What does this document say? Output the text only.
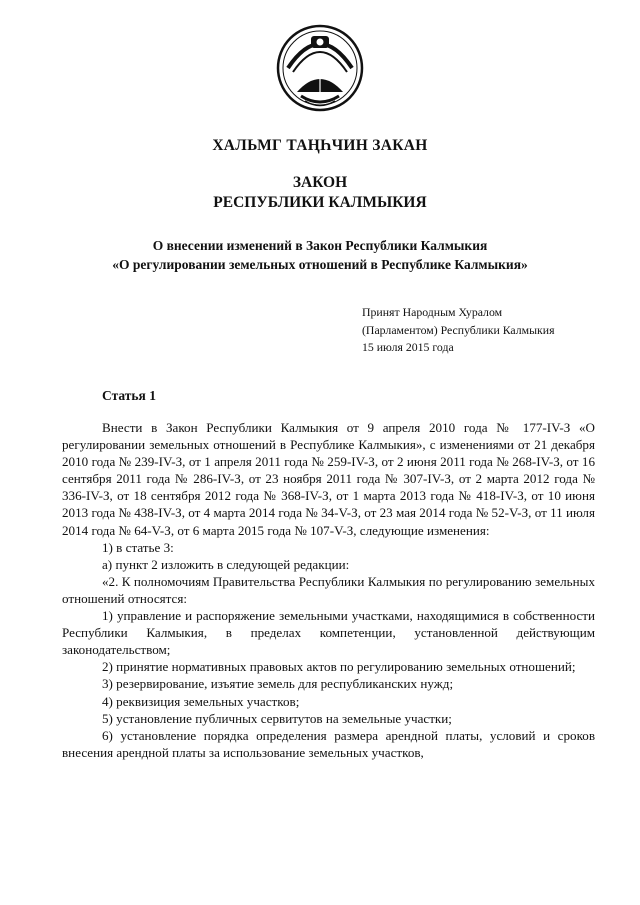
ХАЛЬМГ ТАҢҺЧИН ЗАКАН
ЗАКОН
РЕСПУБЛИКИ КАЛМЫКИЯ
О внесении изменений в Закон Республики Калмыкия
«О регулировании земельных отношений в Республике Калмыкия»
Принят Народным Хуралом
(Парламентом) Республики Калмыкия
15 июля 2015 года
Статья 1

Внести в Закон Республики Калмыкия от 9 апреля 2010 года № 177-IV-З «О регулировании земельных отношений в Республике Калмыкия», с изменениями от 21 декабря 2010 года № 239-IV-З, от 1 апреля 2011 года № 259-IV-З, от 2 июня 2011 года № 268-IV-З, от 16 сентября 2011 года № 286-IV-З, от 23 ноября 2011 года № 307-IV-З, от 2 марта 2012 года № 336-IV-З, от 18 сентября 2012 года № 368-IV-З, от 1 марта 2013 года № 418-IV-З, от 10 июня 2013 года № 438-IV-З, от 4 марта 2014 года № 34-V-З, от 23 мая 2014 года № 52-V-З, от 11 июля 2014 года № 64-V-З, от 6 марта 2015 года № 107-V-З, следующие изменения:

1) в статье 3:

а) пункт 2 изложить в следующей редакции:

«2. К полномочиям Правительства Республики Калмыкия по регулированию земельных отношений относятся:

1) управление и распоряжение земельными участками, находящимися в собственности Республики Калмыкия, в пределах компетенции, установленной действующим законодательством;

2) принятие нормативных правовых актов по регулированию земельных отношений;

3) резервирование, изъятие земель для республиканских нужд;

4) реквизиция земельных участков;

5) установление публичных сервитутов на земельные участки;

6) установление порядка определения размера арендной платы, условий и сроков внесения арендной платы за использование земельных участков,
